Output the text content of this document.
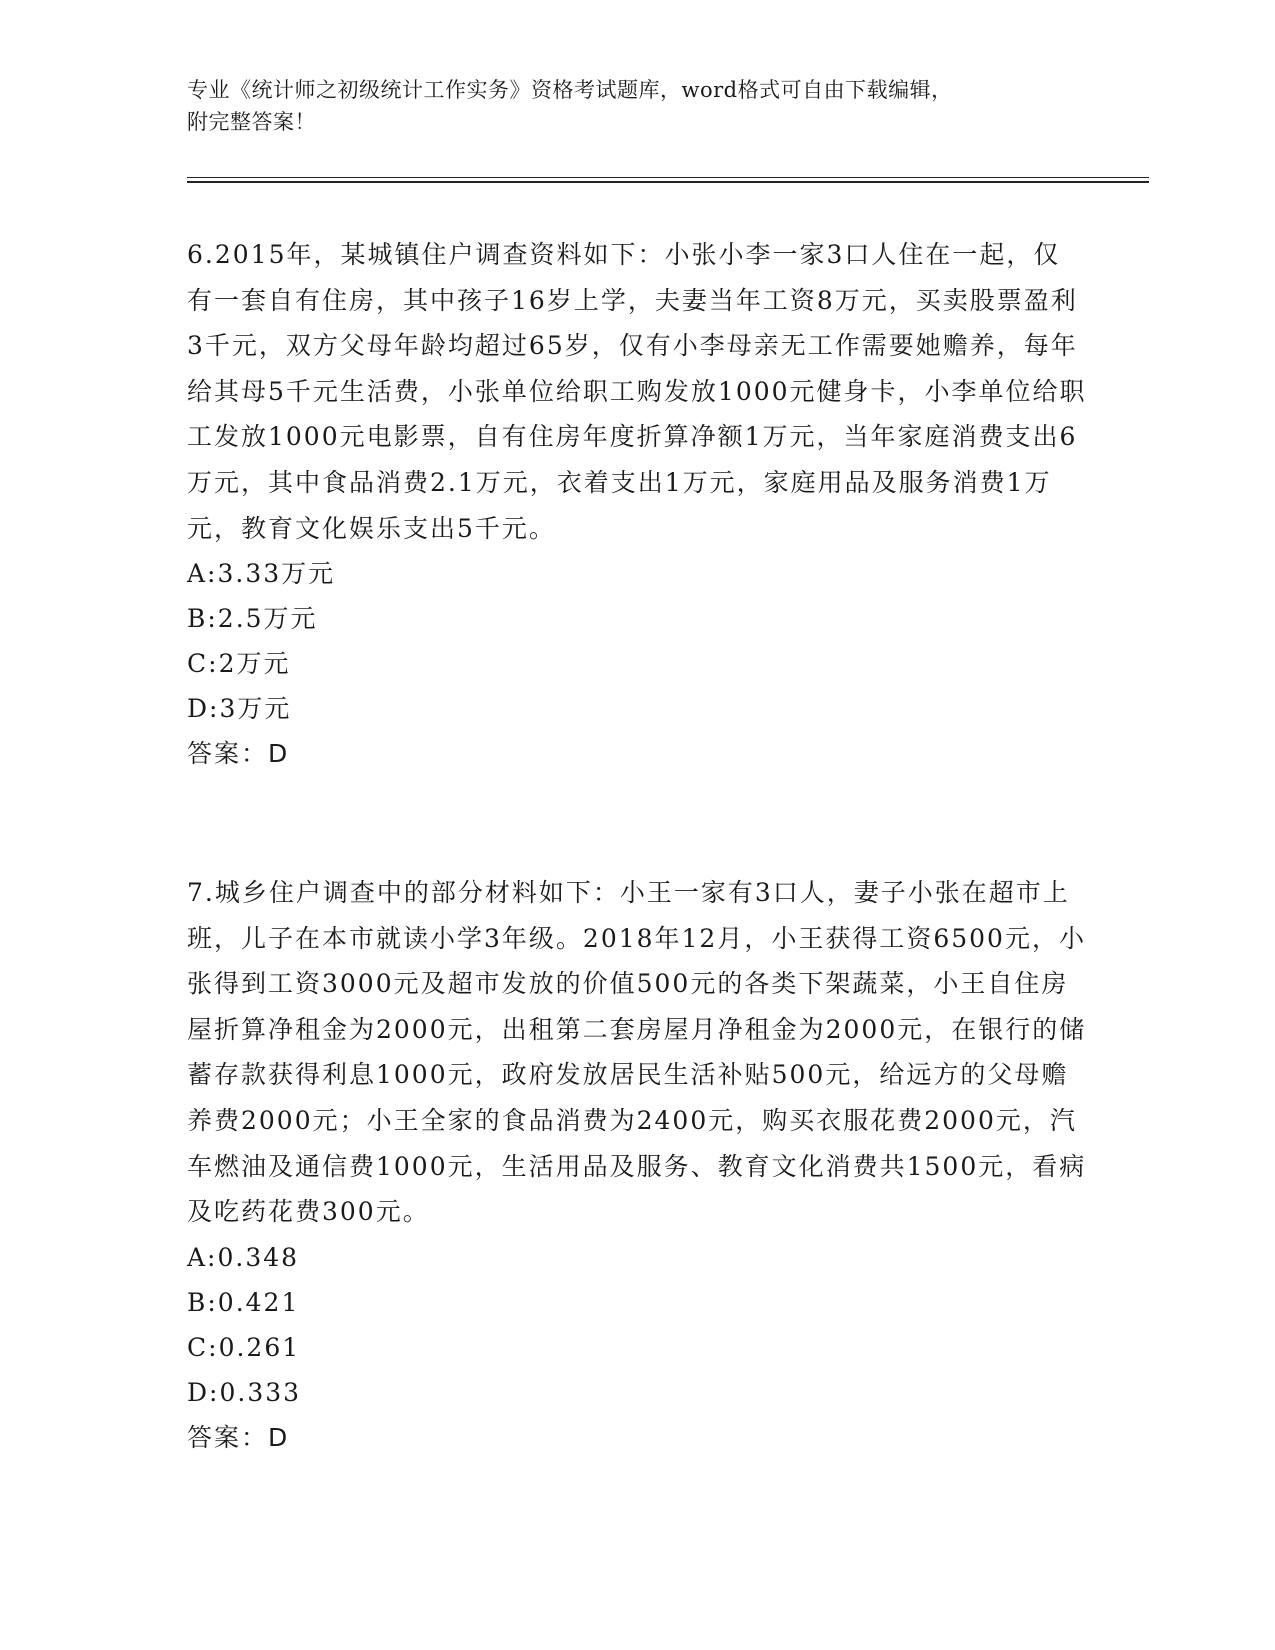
专业《统计师之初级统计工作实务》资格考试题库，word格式可自由下载编辑，
附完整答案！

6.2015年，某城镇住户调查资料如下：小张小李一家3口人住在一起，仅有一套自有住房，其中孩子16岁上学，夫妻当年工资8万元，买卖股票盈利3千元，双方父母年龄均超过65岁，仅有小李母亲无工作需要她赡养，每年给其母5千元生活费，小张单位给职工购发放1000元健身卡，小李单位给职工发放1000元电影票，自有住房年度折算净额1万元，当年家庭消费支出6万元，其中食品消费2.1万元，衣着支出1万元，家庭用品及服务消费1万元，教育文化娱乐支出5千元。

A:3.33万元
B:2.5万元
C:2万元
D:3万元
答案：D

7.城乡住户调查中的部分材料如下：小王一家有3口人，妻子小张在超市上班，儿子在本市就读小学3年级。2018年12月，小王获得工资6500元，小张得到工资3000元及超市发放的价值500元的各类下架蔬菜，小王自住房屋折算净租金为2000元，出租第二套房屋月净租金为2000元，在银行的储蓄存款获得利息1000元，政府发放居民生活补贴500元，给远方的父母赡养费2000元；小王全家的食品消费为2400元，购买衣服花费2000元，汽车燃油及通信费1000元，生活用品及服务、教育文化消费共1500元，看病及吃药花费300元。

A:0.348
B:0.421
C:0.261
D:0.333
答案：D
